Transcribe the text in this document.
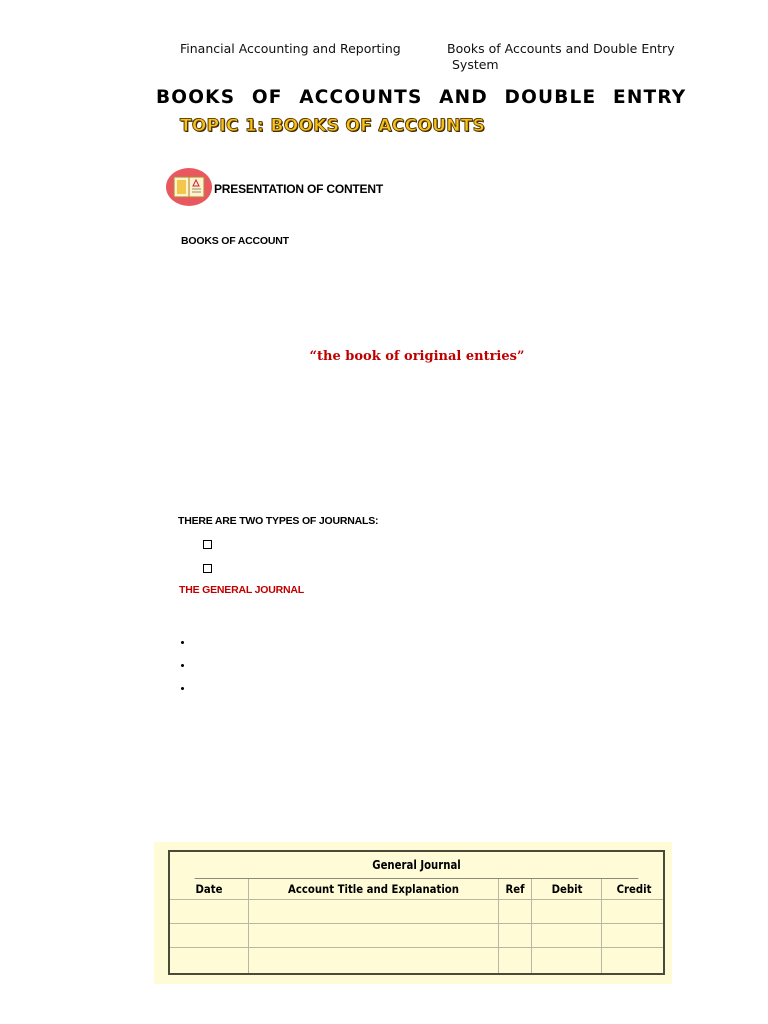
Financial Accounting and Reporting	Books of Accounts and Double Entry
System
BOOKS OF ACCOUNTS AND DOUBLE ENTRY
TOPIC 1: BOOKS OF ACCOUNTS
PRESENTATION OF CONTENT
BOOKS OF ACCOUNT
“the book of original entries”
THERE ARE TWO TYPES OF JOURNALS:
THE GENERAL JOURNAL
General Journal
Date	Account Title and Explanation	Ref	Debit	Credit
